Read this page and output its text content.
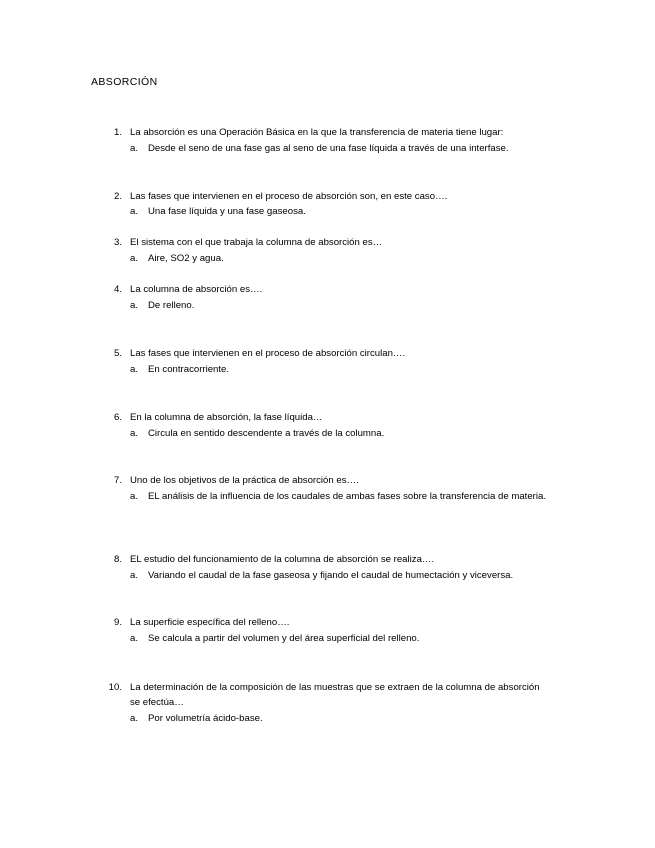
ABSORCIÓN
1. La absorción es una Operación Básica en la que la transferencia de materia tiene lugar:
a. Desde el seno de una fase gas al seno de una fase líquida a través de una interfase.
2. Las fases que intervienen en el proceso de absorción son, en este caso….
a. Una fase líquida y una fase gaseosa.
3. El sistema con el que trabaja la columna de absorción es…
a. Aire, SO2 y agua.
4. La columna de absorción es….
a. De relleno.
5. Las fases que intervienen en el proceso de absorción circulan….
a. En contracorriente.
6. En la columna de absorción, la fase líquida…
a. Circula en sentido descendente a través de la columna.
7. Uno de los objetivos de la práctica de absorción es….
a. EL análisis de la influencia de los caudales de ambas fases sobre la transferencia de materia.
8. EL estudio del funcionamiento de la columna de absorción se realiza….
a. Variando el caudal de la fase gaseosa y fijando el caudal de humectación y viceversa.
9. La superficie específica del relleno….
a. Se calcula a partir del volumen y del área superficial del relleno.
10. La determinación de la composición de las muestras que se extraen de la columna de absorción se efectúa…
a. Por volumetría ácido-base.
